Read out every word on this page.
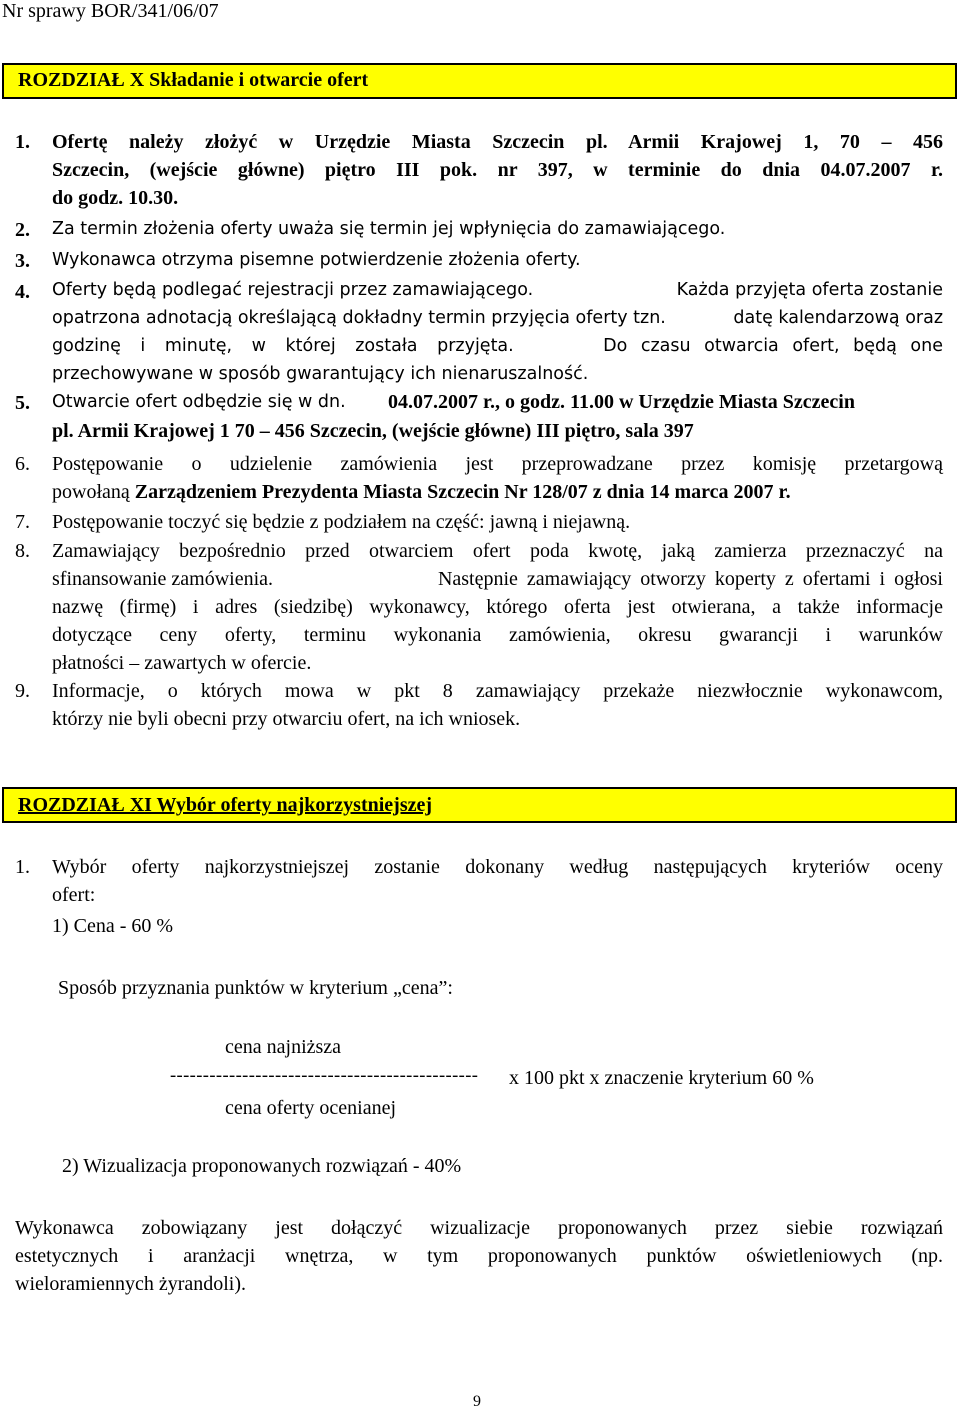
Nr sprawy BOR/341/06/07
ROZDZIAŁ X Składanie i otwarcie ofert
1. Ofertę należy złożyć w Urzędzie Miasta Szczecin pl. Armii Krajowej 1, 70 – 456
Szczecin, (wejście główne) piętro III pok. nr 397, w terminie do dnia 04.07.2007 r.
do godz. 10.30.
2. Za termin złożenia oferty uważa się termin jej wpłynięcia do zamawiającego.
3. Wykonawca otrzyma pisemne potwierdzenie złożenia oferty.
4. Oferty będą podlegać rejestracji przez zamawiającego.	Każda przyjęta oferta zostanie
opatrzona adnotacją określającą dokładny termin przyjęcia oferty tzn.	datę kalendarzową oraz
godzinę i minutę, w której została przyjęta.	Do czasu otwarcia ofert, będą one
przechowywane w sposób gwarantujący ich nienaruszalność.
5. Otwarcie ofert odbędzie się w dn. 04.07.2007 r., o godz. 11.00 w Urzędzie Miasta Szczecin
pl. Armii Krajowej 1 70 – 456 Szczecin, (wejście główne) III piętro, sala 397
6. Postępowanie o udzielenie zamówienia jest przeprowadzane przez komisję przetargową
powołaną Zarządzeniem Prezydenta Miasta Szczecin Nr 128/07 z dnia 14 marca 2007 r.
7. Postępowanie toczyć się będzie z podziałem na część: jawną i niejawną.
8. Zamawiający bezpośrednio przed otwarciem ofert poda kwotę, jaką zamierza przeznaczyć na
sfinansowanie zamówienia.	Następnie zamawiający otworzy koperty z ofertami i ogłosi
nazwę (firmę) i adres (siedzibę) wykonawcy, którego oferta jest otwierana, a także informacje
dotyczące ceny oferty, terminu wykonania zamówienia, okresu gwarancji i warunków
płatności – zawartych w ofercie.
9. Informacje, o których mowa w pkt 8 zamawiający przekaże niezwłocznie wykonawcom,
którzy nie byli obecni przy otwarciu ofert, na ich wniosek.
ROZDZIAŁ XI Wybór oferty najkorzystniejszej
1. Wybór oferty najkorzystniejszej zostanie dokonany według następujących kryteriów oceny
ofert:
1) Cena - 60 %
Sposób przyznania punktów w kryterium „cena”:
cena najniższa
----------------------------------------------- x 100 pkt x znaczenie kryterium 60 %
cena oferty ocenianej
2) Wizualizacja proponowanych rozwiązań - 40%
Wykonawca zobowiązany jest dołączyć wizualizacje proponowanych przez siebie rozwiązań
estetycznych i aranżacji wnętrza, w tym proponowanych punktów oświetleniowych (np.
wieloramiennych żyrandoli).
9
